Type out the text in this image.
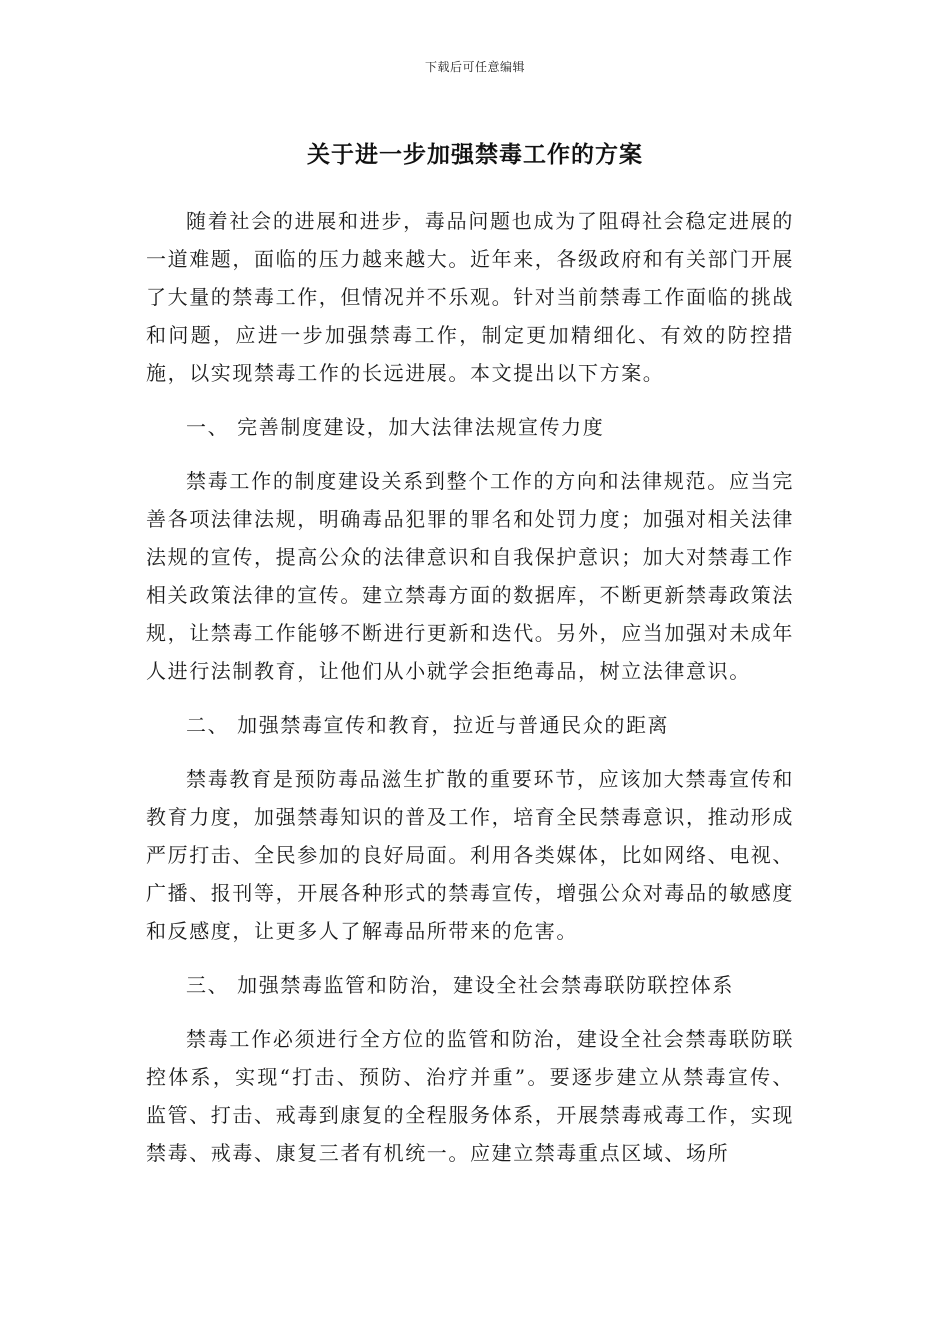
下载后可任意编辑
关于进一步加强禁毒工作的方案

随着社会的进展和进步，毒品问题也成为了阻碍社会稳定进展的一道难题，面临的压力越来越大。近年来，各级政府和有关部门开展了大量的禁毒工作，但情况并不乐观。针对当前禁毒工作面临的挑战和问题，应进一步加强禁毒工作，制定更加精细化、有效的防控措施，以实现禁毒工作的长远进展。本文提出以下方案。

一、 完善制度建设，加大法律法规宣传力度

禁毒工作的制度建设关系到整个工作的方向和法律规范。应当完善各项法律法规，明确毒品犯罪的罪名和处罚力度；加强对相关法律法规的宣传，提高公众的法律意识和自我保护意识；加大对禁毒工作相关政策法律的宣传。建立禁毒方面的数据库，不断更新禁毒政策法规，让禁毒工作能够不断进行更新和迭代。另外，应当加强对未成年人进行法制教育，让他们从小就学会拒绝毒品，树立法律意识。

二、 加强禁毒宣传和教育，拉近与普通民众的距离

禁毒教育是预防毒品滋生扩散的重要环节，应该加大禁毒宣传和教育力度，加强禁毒知识的普及工作，培育全民禁毒意识，推动形成严厉打击、全民参加的良好局面。利用各类媒体，比如网络、电视、广播、报刊等，开展各种形式的禁毒宣传，增强公众对毒品的敏感度和反感度，让更多人了解毒品所带来的危害。

三、 加强禁毒监管和防治，建设全社会禁毒联防联控体系

禁毒工作必须进行全方位的监管和防治，建设全社会禁毒联防联控体系，实现“打击、预防、治疗并重”。要逐步建立从禁毒宣传、监管、打击、戒毒到康复的全程服务体系，开展禁毒戒毒工作，实现禁毒、戒毒、康复三者有机统一。应建立禁毒重点区域、场所
